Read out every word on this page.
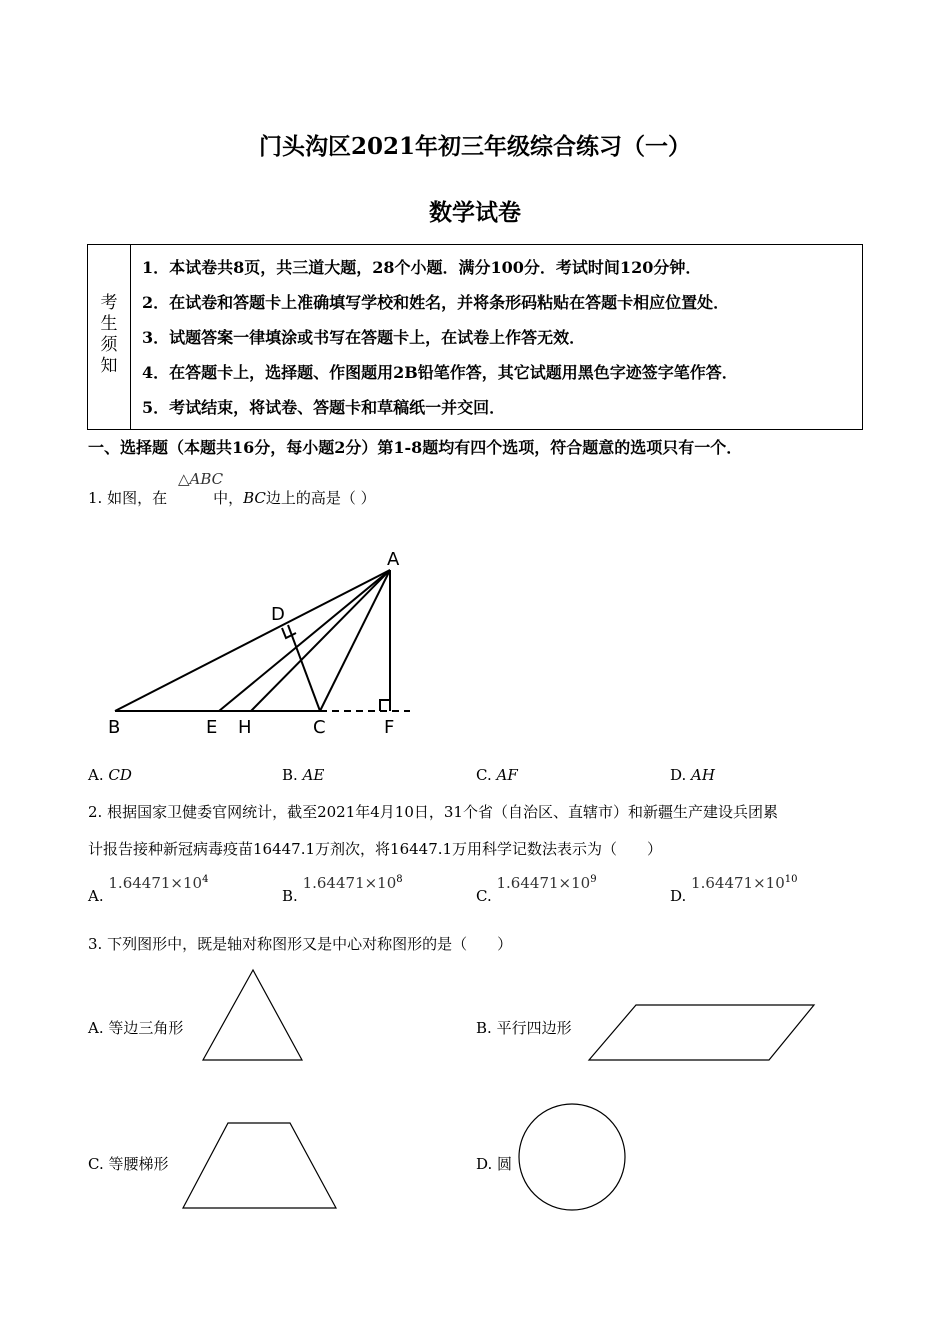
门头沟区2021年初三年级综合练习（一）
数学试卷
考生须知
1．本试卷共8页，共三道大题，28个小题．满分100分．考试时间120分钟．
2．在试卷和答题卡上准确填写学校和姓名，并将条形码粘贴在答题卡相应位置处．
3．试题答案一律填涂或书写在答题卡上，在试卷上作答无效．
4．在答题卡上，选择题、作图题用2B铅笔作答，其它试题用黑色字迹签字笔作答．
5．考试结束，将试卷、答题卡和草稿纸一并交回．
一、选择题（本题共16分，每小题2分）第1-8题均有四个选项，符合题意的选项只有一个．
△ABC
1. 如图，在	中，BC边上的高是（ ）
A
B	C
D
E	F
H
A. CD	B. AE	C. AF	D. AH
2. 根据国家卫健委官网统计，截至2021年4月10日，31个省（自治区、直辖市）和新疆生产建设兵团累
计报告接种新冠病毒疫苗16447.1万剂次，将16447.1万用科学记数法表示为（　　）
A. $1.64471\times 10^4$
B. $1.64471\times 10^8$
C. $1.64471\times 10^9$
D. $1.64471\times 10^{10}$
3. 下列图形中，既是轴对称图形又是中心对称图形的是（　　）
A. 等边三角形	B. 平行四边形
C. 等腰梯形	D. 圆
